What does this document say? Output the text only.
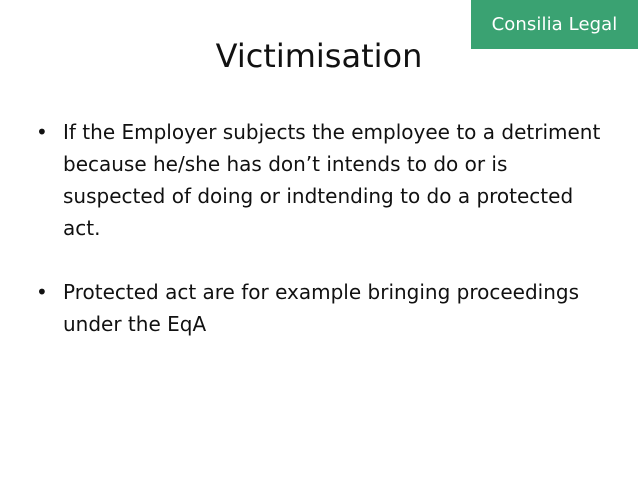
Consilia Legal
Victimisation
• If the Employer subjects the employee to a detriment because he/she has don’t intends to do or is suspected of doing or indtending to do a protected act.
• Protected act are for example bringing proceedings under the EqA
